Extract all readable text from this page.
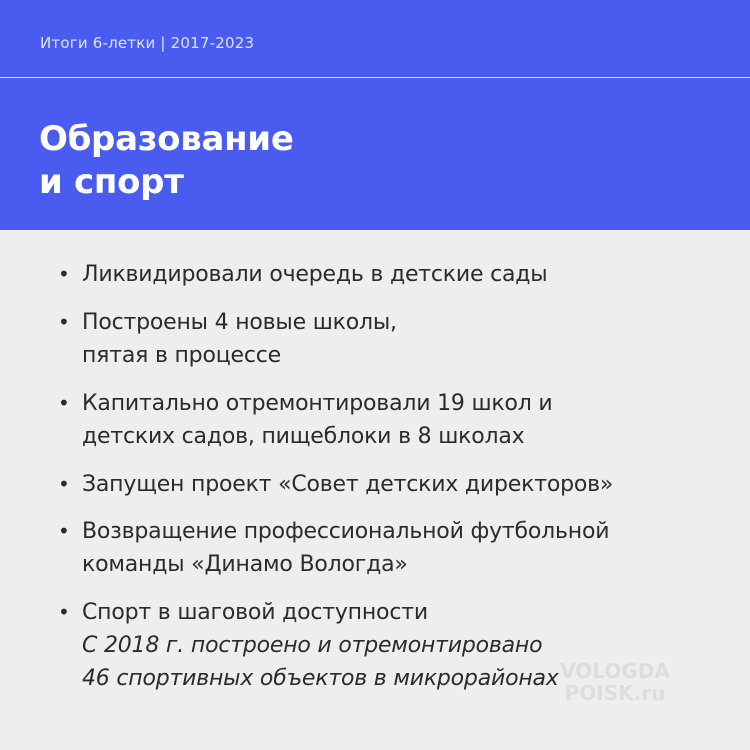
Итоги 6-летки | 2017-2023
Образование
и спорт
• Ликвидировали очередь в детские сады
• Построены 4 новые школы,
пятая в процессе
• Капитально отремонтировали 19 школ и
детских садов, пищеблоки в 8 школах
• Запущен проект «Совет детских директоров»
• Возвращение профессиональной футбольной
команды «Динамо Вологда»
• Спорт в шаговой доступности
С 2018 г. построено и отремонтировано
46 спортивных объектов в микрорайонах VOLOGDA
POISK.ru
